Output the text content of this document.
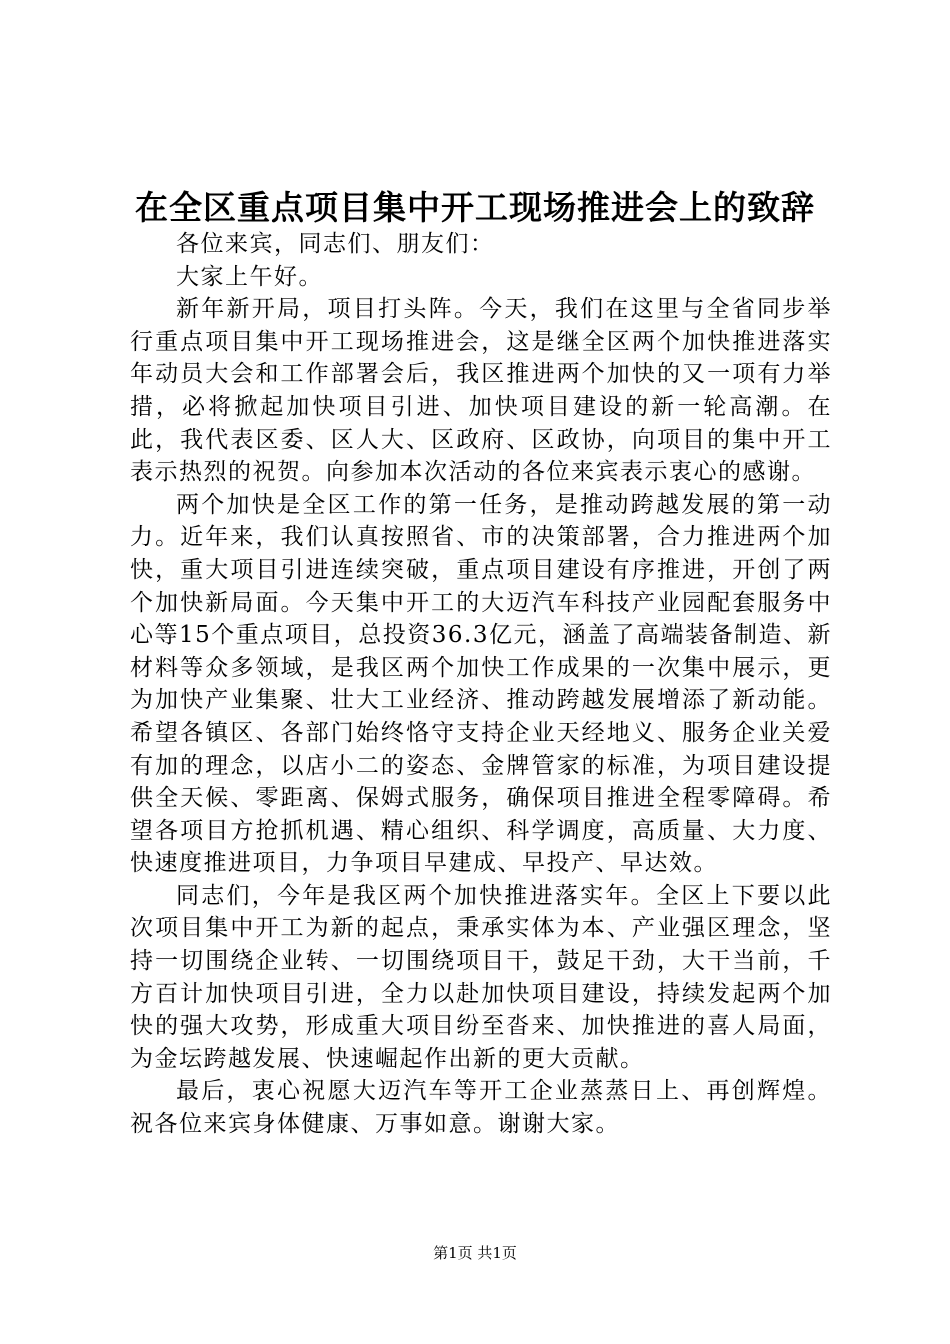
在全区重点项目集中开工现场推进会上的致辞

各位来宾，同志们、朋友们：

大家上午好。

新年新开局，项目打头阵。今天，我们在这里与全省同步举行重点项目集中开工现场推进会，这是继全区两个加快推进落实年动员大会和工作部署会后，我区推进两个加快的又一项有力举措，必将掀起加快项目引进、加快项目建设的新一轮高潮。在此，我代表区委、区人大、区政府、区政协，向项目的集中开工表示热烈的祝贺。向参加本次活动的各位来宾表示衷心的感谢。

两个加快是全区工作的第一任务，是推动跨越发展的第一动力。近年来，我们认真按照省、市的决策部署，合力推进两个加快，重大项目引进连续突破，重点项目建设有序推进，开创了两个加快新局面。今天集中开工的大迈汽车科技产业园配套服务中心等15个重点项目，总投资36.3亿元，涵盖了高端装备制造、新材料等众多领域，是我区两个加快工作成果的一次集中展示，更为加快产业集聚、壮大工业经济、推动跨越发展增添了新动能。希望各镇区、各部门始终恪守支持企业天经地义、服务企业关爱有加的理念，以店小二的姿态、金牌管家的标准，为项目建设提供全天候、零距离、保姆式服务，确保项目推进全程零障碍。希望各项目方抢抓机遇、精心组织、科学调度，高质量、大力度、快速度推进项目，力争项目早建成、早投产、早达效。

同志们，今年是我区两个加快推进落实年。全区上下要以此次项目集中开工为新的起点，秉承实体为本、产业强区理念，坚持一切围绕企业转、一切围绕项目干，鼓足干劲，大干当前，千方百计加快项目引进，全力以赴加快项目建设，持续发起两个加快的强大攻势，形成重大项目纷至沓来、加快推进的喜人局面，为金坛跨越发展、快速崛起作出新的更大贡献。

最后，衷心祝愿大迈汽车等开工企业蒸蒸日上、再创辉煌。祝各位来宾身体健康、万事如意。谢谢大家。

第1页 共1页
